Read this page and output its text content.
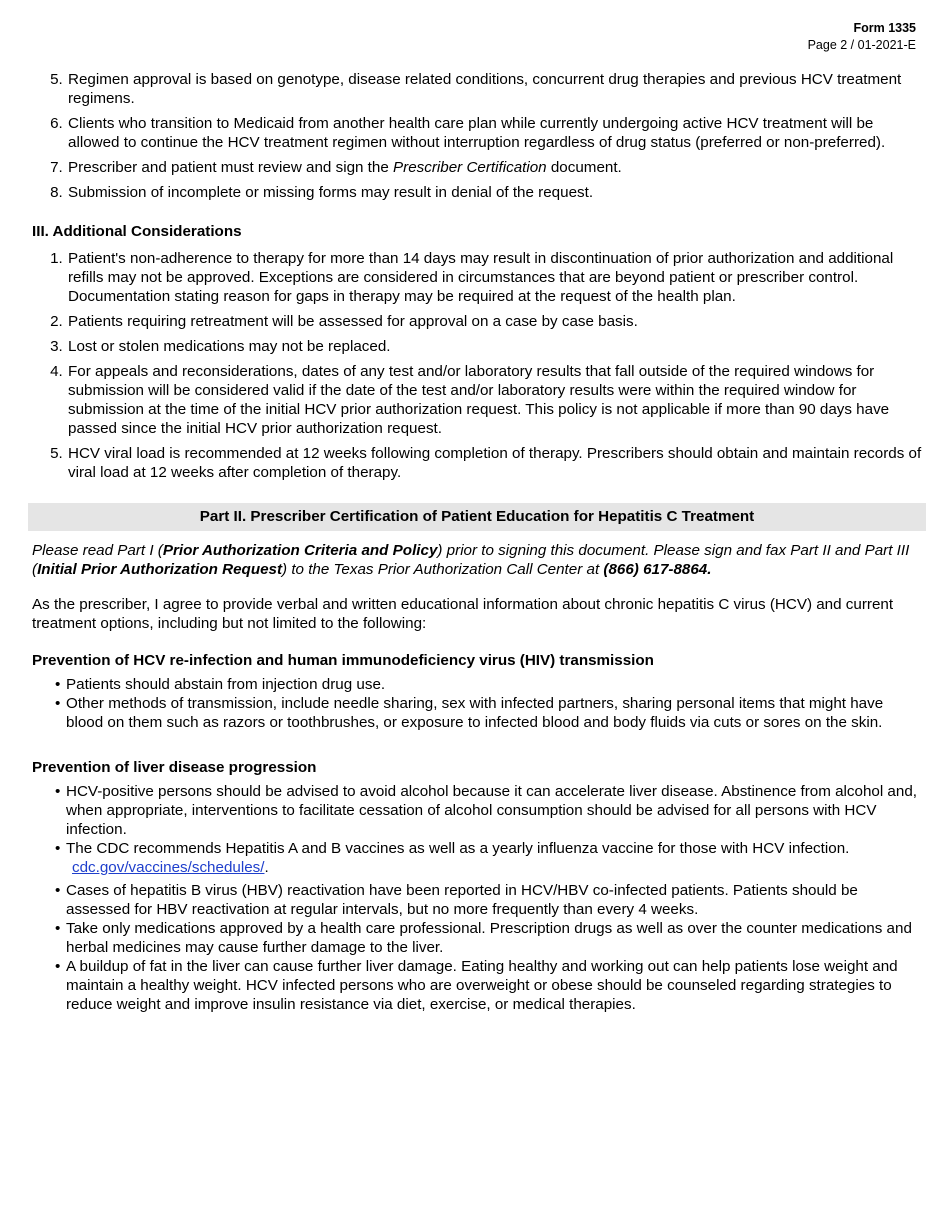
Form 1335
Page 2 / 01-2021-E
5. Regimen approval is based on genotype, disease related conditions, concurrent drug therapies and previous HCV treatment regimens.
6. Clients who transition to Medicaid from another health care plan while currently undergoing active HCV treatment will be allowed to continue the HCV treatment regimen without interruption regardless of drug status (preferred or non-preferred).
7. Prescriber and patient must review and sign the Prescriber Certification document.
8. Submission of incomplete or missing forms may result in denial of the request.
III. Additional Considerations
1. Patient's non-adherence to therapy for more than 14 days may result in discontinuation of prior authorization and additional refills may not be approved. Exceptions are considered in circumstances that are beyond patient or prescriber control. Documentation stating reason for gaps in therapy may be required at the request of the health plan.
2. Patients requiring retreatment will be assessed for approval on a case by case basis.
3. Lost or stolen medications may not be replaced.
4. For appeals and reconsiderations, dates of any test and/or laboratory results that fall outside of the required windows for submission will be considered valid if the date of the test and/or laboratory results were within the required window for submission at the time of the initial HCV prior authorization request. This policy is not applicable if more than 90 days have passed since the initial HCV prior authorization request.
5. HCV viral load is recommended at 12 weeks following completion of therapy. Prescribers should obtain and maintain records of viral load at 12 weeks after completion of therapy.
Part II. Prescriber Certification of Patient Education for Hepatitis C Treatment

Please read Part I (Prior Authorization Criteria and Policy) prior to signing this document. Please sign and fax Part II and Part III (Initial Prior Authorization Request) to the Texas Prior Authorization Call Center at (866) 617-8864.

As the prescriber, I agree to provide verbal and written educational information about chronic hepatitis C virus (HCV) and current treatment options, including but not limited to the following:

Prevention of HCV re-infection and human immunodeficiency virus (HIV) transmission
• Patients should abstain from injection drug use.
• Other methods of transmission, include needle sharing, sex with infected partners, sharing personal items that might have blood on them such as razors or toothbrushes, or exposure to infected blood and body fluids via cuts or sores on the skin.
Prevention of liver disease progression
• HCV-positive persons should be advised to avoid alcohol because it can accelerate liver disease. Abstinence from alcohol and, when appropriate, interventions to facilitate cessation of alcohol consumption should be advised for all persons with HCV infection.
• The CDC recommends Hepatitis A and B vaccines as well as a yearly influenza vaccine for those with HCV infection.
cdc.gov/vaccines/schedules/.
• Cases of hepatitis B virus (HBV) reactivation have been reported in HCV/HBV co-infected patients. Patients should be assessed for HBV reactivation at regular intervals, but no more frequently than every 4 weeks.
• Take only medications approved by a health care professional. Prescription drugs as well as over the counter medications and herbal medicines may cause further damage to the liver.
• A buildup of fat in the liver can cause further liver damage. Eating healthy and working out can help patients lose weight and maintain a healthy weight. HCV infected persons who are overweight or obese should be counseled regarding strategies to reduce weight and improve insulin resistance via diet, exercise, or medical therapies.
